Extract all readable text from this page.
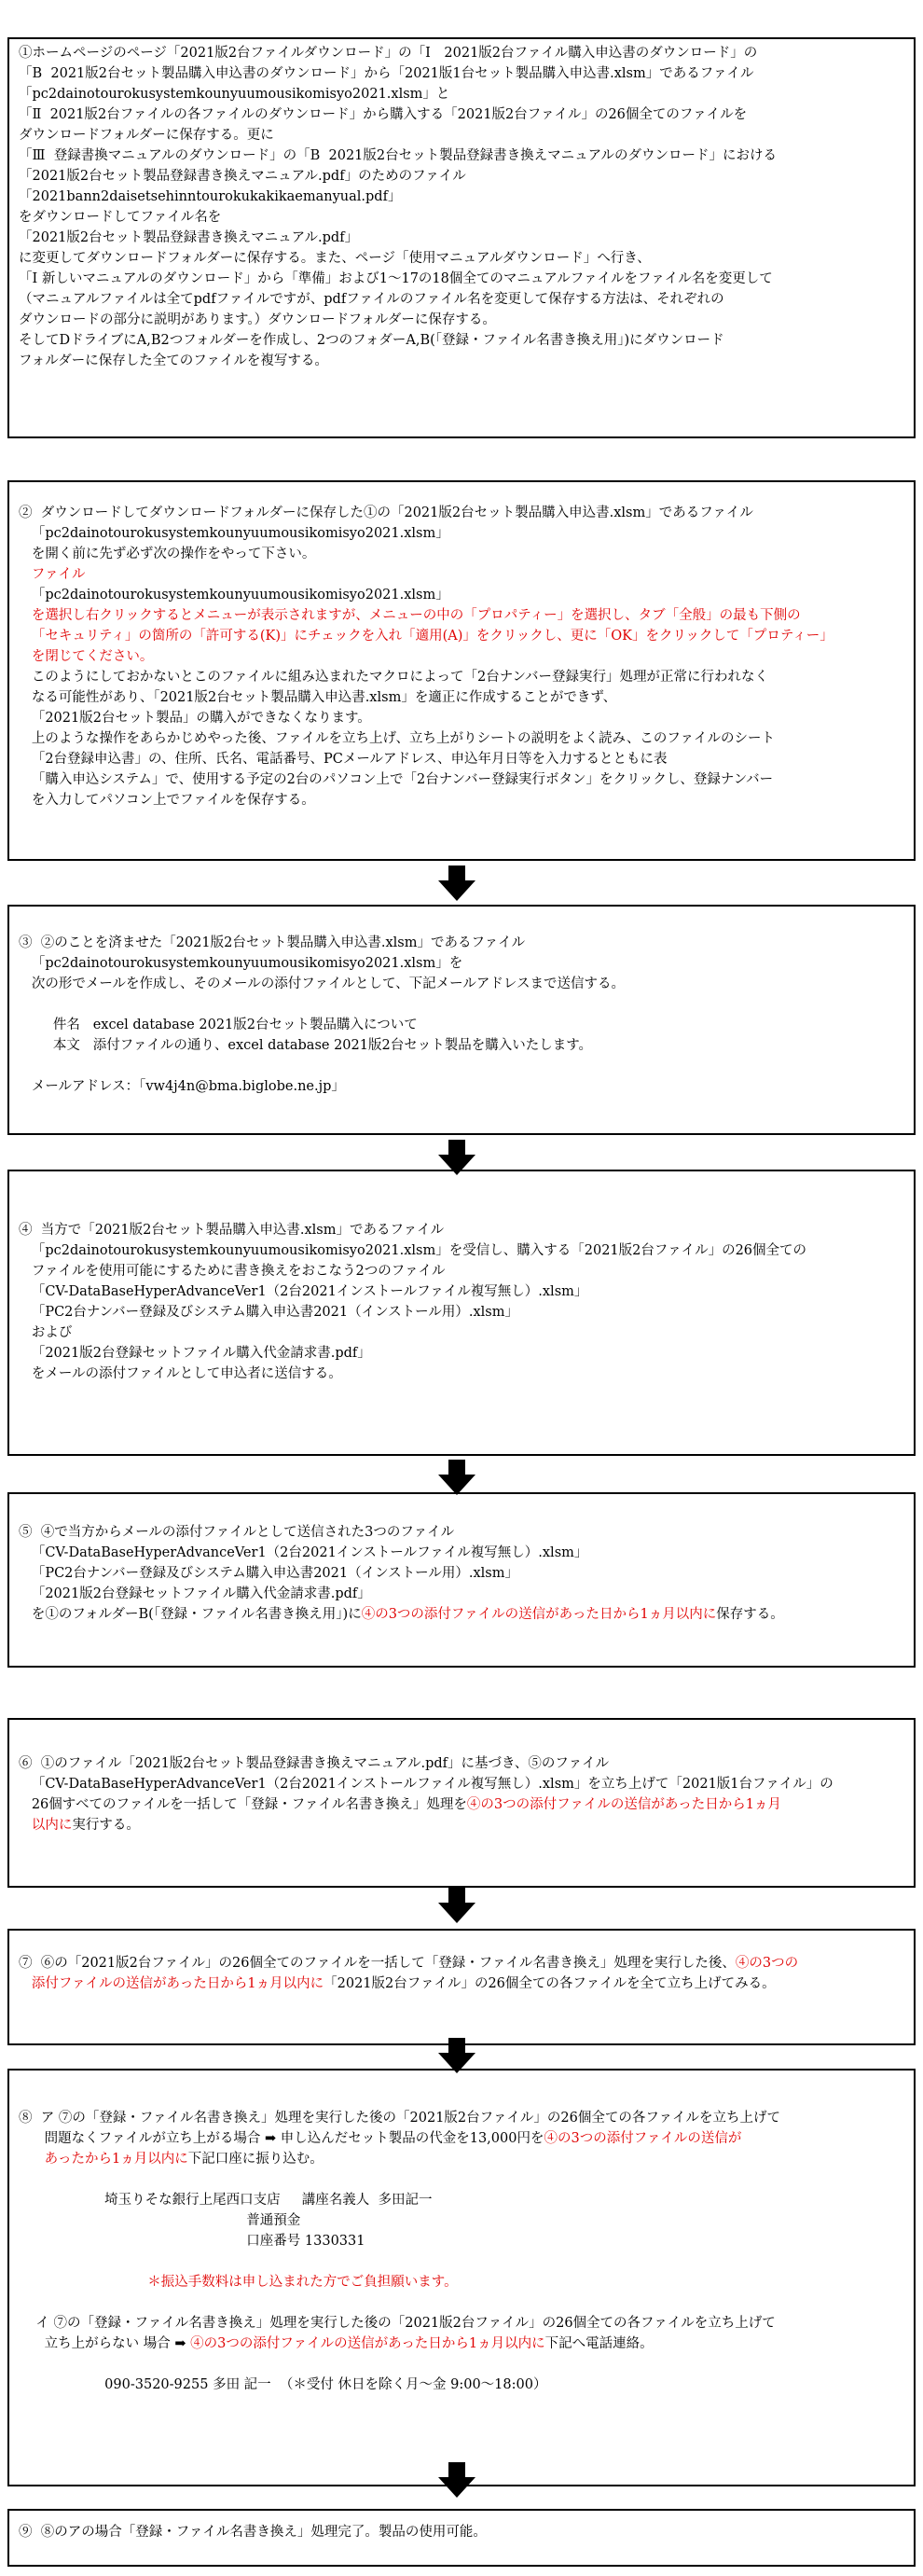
①ホームページのページ「2021版2台ファイルダウンロード」の「Ⅰ　2021版2台ファイル購入申込書のダウンロード」の
「B  2021版2台セット製品購入申込書のダウンロード」から「2021版1台セット製品購入申込書.xlsm」であるファイル
「pc2dainotourokusystemkounyuumousikomisyo2021.xlsm」と
「Ⅱ  2021版2台ファイルの各ファイルのダウンロード」から購入する「2021版2台ファイル」の26個全てのファイルを
ダウンロードフォルダーに保存する。更に
「Ⅲ  登録書換マニュアルのダウンロード」の「B  2021版2台セット製品登録書き換えマニュアルのダウンロード」における
「2021版2台セット製品登録書き換えマニュアル.pdf」のためのファイル
「2021bann2daisetsehinntourokukakikaemanyual.pdf」
をダウンロードしてファイル名を
「2021版2台セット製品登録書き換えマニュアル.pdf」
に変更してダウンロードフォルダーに保存する。また、ページ「使用マニュアルダウンロード」へ行き、
「Ⅰ 新しいマニュアルのダウンロード」から「準備」および1～17の18個全てのマニュアルファイルをファイル名を変更して
（マニュアルファイルは全てpdfファイルですが、pdfファイルのファイル名を変更して保存する方法は、それぞれの
ダウンロードの部分に説明があります。）ダウンロードフォルダーに保存する。
そしてDドライブにA,B2つフォルダーを作成し、2つのフォダーA,B(「登録・ファイル名書き換え用」)にダウンロード
フォルダーに保存した全てのファイルを複写する。
②  ダウンロードしてダウンロードフォルダーに保存した①の「2021版2台セット製品購入申込書.xlsm」であるファイル
「pc2dainotourokusystemkounyuumousikomisyo2021.xlsm」
を開く前に先ず必ず次の操作をやって下さい。
ファイル
「pc2dainotourokusystemkounyuumousikomisyo2021.xlsm」
を選択し右クリックするとメニューが表示されますが、メニューの中の「プロパティー」を選択し、タブ「全般」の最も下側の
「セキュリティ」の箇所の「許可する(K)」にチェックを入れ「適用(A)」をクリックし、更に「OK」をクリックして「プロティー」
を閉じてください。
このようにしておかないとこのファイルに組み込まれたマクロによって「2台ナンバー登録実行」処理が正常に行われなく
なる可能性があり、「2021版2台セット製品購入申込書.xlsm」を適正に作成することができず、
「2021版2台セット製品」の購入ができなくなります。
上のような操作をあらかじめやった後、ファイルを立ち上げ、立ち上がりシートの説明をよく読み、このファイルのシート
「2台登録申込書」の、住所、氏名、電話番号、PCメールアドレス、申込年月日等を入力するとともに表
「購入申込システム」で、使用する予定の2台のパソコン上で「2台ナンバー登録実行ボタン」をクリックし、登録ナンバー
を入力してパソコン上でファイルを保存する。
③  ②のことを済ませた「2021版2台セット製品購入申込書.xlsm」であるファイル
「pc2dainotourokusystemkounyuumousikomisyo2021.xlsm」を
次の形でメールを作成し、そのメールの添付ファイルとして、下記メールアドレスまで送信する。
件名   excel database 2021版2台セット製品購入について
本文   添付ファイルの通り、excel database 2021版2台セット製品を購入いたします。
メールアドレス：「vw4j4n@bma.biglobe.ne.jp」
④  当方で「2021版2台セット製品購入申込書.xlsm」であるファイル
「pc2dainotourokusystemkounyuumousikomisyo2021.xlsm」を受信し、購入する「2021版2台ファイル」の26個全ての
ファイルを使用可能にするために書き換えをおこなう2つのファイル
「CV-DataBaseHyperAdvanceVer1（2台2021インストールファイル複写無し）.xlsm」
「PC2台ナンバー登録及びシステム購入申込書2021（インストール用）.xlsm」
および
「2021版2台登録セットファイル購入代金請求書.pdf」
をメールの添付ファイルとして申込者に送信する。
⑤  ④で当方からメールの添付ファイルとして送信された3つのファイル
「CV-DataBaseHyperAdvanceVer1（2台2021インストールファイル複写無し）.xlsm」
「PC2台ナンバー登録及びシステム購入申込書2021（インストール用）.xlsm」
「2021版2台登録セットファイル購入代金請求書.pdf」
を①のフォルダーB(「登録・ファイル名書き換え用」)に④の3つの添付ファイルの送信があった日から1ヵ月以内に保存する。
⑥  ①のファイル「2021版2台セット製品登録書き換えマニュアル.pdf」に基づき、⑤のファイル
「CV-DataBaseHyperAdvanceVer1（2台2021インストールファイル複写無し）.xlsm」を立ち上げて「2021版1台ファイル」の
26個すべてのファイルを一括して「登録・ファイル名書き換え」処理を④の3つの添付ファイルの送信があった日から1ヵ月
以内に実行する。
⑦  ⑥の「2021版2台ファイル」の26個全てのファイルを一括して「登録・ファイル名書き換え」処理を実行した後、④の3つの
添付ファイルの送信があった日から1ヵ月以内に「2021版2台ファイル」の26個全ての各ファイルを全て立ち上げてみる。
⑧  ア ⑦の「登録・ファイル名書き換え」処理を実行した後の「2021版2台ファイル」の26個全ての各ファイルを立ち上げて
問題なくファイルが立ち上がる場合 ➡ 申し込んだセット製品の代金を13,000円を④の3つの添付ファイルの送信が
あったから1ヵ月以内に下記口座に振り込む。
埼玉りそな銀行上尾西口支店     講座名義人  多田記一
普通預金
口座番号 1330331
＊振込手数料は申し込まれた方でご負担願います。
イ ⑦の「登録・ファイル名書き換え」処理を実行した後の「2021版2台ファイル」の26個全ての各ファイルを立ち上げて
立ち上がらない 場合 ➡ ④の3つの添付ファイルの送信があった日から1ヵ月以内に下記へ電話連絡。
090-3520-9255 多田 記一  （＊受付 休日を除く月～金 9:00～18:00）
⑨  ⑧のアの場合「登録・ファイル名書き換え」処理完了。製品の使用可能。
